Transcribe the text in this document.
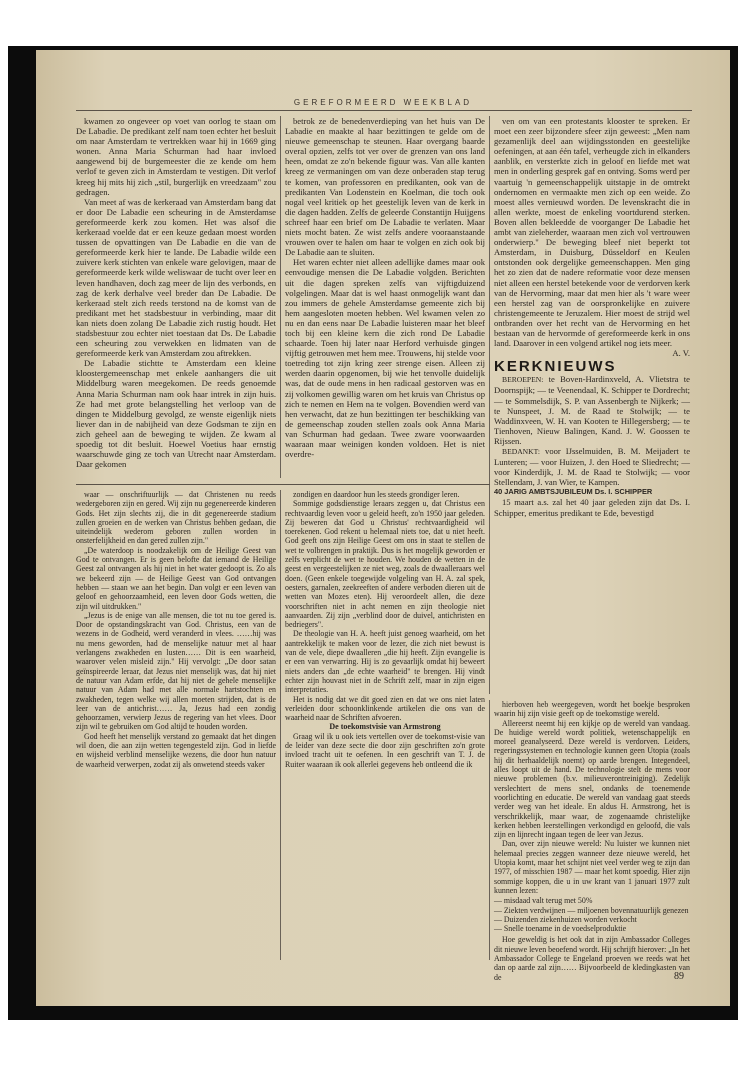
GEREFORMEERD WEEKBLAD

kwamen zo ongeveer op voet van oorlog te staan om De Labadie. De predikant zelf nam toen echter het besluit om naar Amsterdam te vertrekken waar hij in 1669 ging wonen. Anna Maria Schurman had haar invloed aangewend bij de burgemeester die ze kende om hem verlof te geven zich in Amsterdam te vestigen. Dit verlof kreeg hij mits hij zich „stil, burgerlijk en vreedzaam" zou gedragen.

Van meet af was de kerkeraad van Amsterdam bang dat er door De Labadie een scheuring in de Amsterdamse gereformeerde kerk zou komen. Het was alsof die kerkeraad voelde dat er een keuze gedaan moest worden tussen de opvattingen van De Labadie en die van de gereformeerde kerk hier te lande. De Labadie wilde een zuivere kerk stichten van enkele ware gelovigen, maar de gereformeerde kerk wilde weliswaar de tucht over leer en leven handhaven, doch zag meer de lijn des verbonds, en zag de kerk derhalve veel breder dan De Labadie. De kerkeraad stelt zich reeds terstond na de komst van de predikant met het stadsbestuur in verbinding, maar dit kan niets doen zolang De Labadie zich rustig houdt. Het stadsbestuur zou echter niet toestaan dat Ds. De Labadie een scheuring zou verwekken en lidmaten van de gereformeerde kerk van Amsterdam zou aftrekken.

De Labadie stichtte te Amsterdam een kleine kloostergemeenschap met enkele aanhangers die uit Middelburg waren meegekomen. De reeds genoemde Anna Maria Schurman nam ook haar intrek in zijn huis. Ze had met grote belangstelling het verloop van de dingen te Middelburg gevolgd, ze wenste eigenlijk niets liever dan in de nabijheid van deze Godsman te zijn en zich geheel aan de beweging te wijden. Ze kwam al spoedig tot dit besluit. Hoewel Voetius haar ernstig waarschuwde ging ze toch van Utrecht naar Amsterdam. Daar gekomen

betrok ze de benedenverdieping van het huis van De Labadie en maakte al haar bezittingen te gelde om de nieuwe gemeenschap te steunen. Haar overgang baarde overal opzien, zelfs tot ver over de grenzen van ons land heen, omdat ze zo'n bekende figuur was. Van alle kanten kreeg ze vermaningen om van deze onberaden stap terug te komen, van professoren en predikanten, ook van de predikanten Van Lodenstein en Koelman, die toch ook nogal veel kritiek op het geestelijk leven van de kerk in die dagen hadden. Zelfs de geleerde Constantijn Huijgens schreef haar een brief om De Labadie te verlaten. Maar niets mocht baten. Ze wist zelfs andere vooraanstaande vrouwen over te halen om haar te volgen en zich ook bij De Labadie aan te sluiten.

Het waren echter niet alleen adellijke dames maar ook eenvoudige mensen die De Labadie volgden. Berichten uit die dagen spreken zelfs van vijftigduizend volgelingen. Maar dat is wel haast onmogelijk want dan zou immers de gehele Amsterdamse gemeente zich bij hem aangesloten moeten hebben. Wel kwamen velen zo nu en dan eens naar De Labadie luisteren maar het bleef toch bij een kleine kern die zich rond De Labadie schaarde. Toen hij later naar Herford verhuisde gingen vijftig getrouwen met hem mee. Trouwens, hij stelde voor toetreding tot zijn kring zeer strenge eisen. Alleen zij werden daarin opgenomen, bij wie het tenvolle duidelijk was, dat de oude mens in hen radicaal gestorven was en zij volkomen gewillig waren om het kruis van Christus op zich te nemen en Hem na te volgen. Bovendien werd van hen verwacht, dat ze hun bezittingen ter beschikking van de gemeenschap zouden stellen zoals ook Anna Maria van Schurman had gedaan. Twee zware voorwaarden waaraan maar weinigen konden voldoen. Het is niet overdre-

ven om van een protestants klooster te spreken. Er moet een zeer bijzondere sfeer zijn geweest: „Men nam gezamenlijk deel aan wijdingsstonden en geestelijke oefeningen, at aan één tafel, verheugde zich in elkanders aanblik, en versterkte zich in geloof en liefde met wat men in onderling gesprek gaf en ontving. Soms werd per vaartuig 'n gemeenschappelijk uitstapje in de omtrekt ondernomen en vermaakte men zich op een weide. Zo moest alles vernieuwd worden. De levenskracht die in allen werkte, moest de enkeling voortdurend sterken. Boven allen bekleedde de voorganger De Labadie het ambt van zieleherder, waaraan men zich vol vertrouwen onderwierp." De beweging bleef niet beperkt tot Amsterdam, in Duisburg, Düsseldorf en Keulen ontstonden ook dergelijke gemeenschappen. Men ging het zo zien dat de nadere reformatie voor deze mensen niet alleen een herstel betekende voor de verdorven kerk van de Hervorming, maar dat men hier als 't ware weer een herstel zag van de oorspronkelijke en zuivere christengemeente te Jeruzalem. Hier moest de strijd wel ontbranden over het recht van de Hervorming en het bestaan van de hervormde of gereformeerde kerk in ons land. Daarover in een volgend artikel nog iets meer.

A. V.

KERKNIEUWS

BEROEPEN: te Boven-Hardinxveld, A. Vlietstra te Doornspijk; — te Veenendaal, K. Schipper te Dordrecht; — te Sommelsdijk, S. P. van Assenbergh te Nijkerk; — te Nunspeet, J. M. de Raad te Stolwijk; — te Waddinxveen, W. H. van Kooten te Hillegersberg; — te Tienhoven, Nieuw Balingen, Kand. J. W. Goossen te Rijssen.

BEDANKT: voor IJsselmuiden, B. M. Meijadert te Lunteren; — voor Huizen, J. den Hoed te Sliedrecht; — voor Kinderdijk, J. M. de Raad te Stolwijk; — voor Stellendam, J. van Wier, te Kampen.

40 JARIG AMBTSJUBILEUM Ds. I. SCHIPPER

15 maart a.s. zal het 40 jaar geleden zijn dat Ds. I. Schipper, emeritus predikant te Ede, bevestigd

waar — onschriftuurlijk — dat Christenen nu reeds wedergeboren zijn en gered. Wij zijn nu gegenereerde kinderen Gods. Het zijn slechts zij, die in dit gegenereerde stadium zullen groeien en de werken van Christus behben gedaan, die uiteindelijk wederom geboren zullen worden in onsterfelijkheid en dan gered zullen zijn."

„De waterdoop is noodzakelijk om de Heilige Geest van God te ontvangen. Er is geen belofte dat iemand de Heilige Geest zal ontvangen als hij niet in het water gedoopt is. Zo als we bekeerd zijn — de Heilige Geest van God ontvangen hebben — staan we aan het begin. Dan volgt er een leven van geloof en gehoorzaamheid, een leven door Gods wetten, die zijn wil uitdrukken."

„Jezus is de enige van alle mensen, die tot nu toe gered is. Door de opstandingskracht van God. Christus, een van de wezens in de Godheid, werd veranderd in vlees. ……hij was nu mens geworden, had de menselijke natuur met al haar verlangens zwakheden en lusten…… Dit is een waarheid, waarover velen misleid zijn." Hij vervolgt: „De door satan geïnspireerde leraar, dat Jezus niet menselijk was, dat hij niet de natuur van Adam erfde, dat hij niet de gehele menselijke natuur van Adam had met alle normale hartstochten en zwakheden, tegen welke wij allen moeten strijden, dat is de leer van de antichrist…… Ja, Jezus had een zondig gehoorzamen, verwierp Jezus de regering van het vlees. Door zijn wil te gebruiken om God altijd te houden worden.

God heeft het menselijk verstand zo gemaakt dat het dingen wil doen, die aan zijn wetten tegengesteld zijn. God in liefde en wijsheid verblind menselijke wezens, die door hun natuur de waarheid verwerpen, zodat zij als onwetend steeds vaker

zondigen en daardoor hun les steeds grondiger leren.

Sommige godsdienstige leraars zeggen u, dat Christus een rechtvaardig leven voor u geleid heeft, zo'n 1950 jaar geleden. Zij beweren dat God u Christus' rechtvaardigheid wil toerekenen. God rekent u helemaal niets toe, dat u niet heeft. God geeft ons zijn Heilige Geest om ons in staat te stellen de wet te volbrengen in praktijk. Dus is het mogelijk geworden er zelfs verplicht de wet te houden. We houden de wetten in de geest en vergeestelijken ze niet weg, zoals de dwaalleraars wel doen. (Geen enkele toegewijde volgeling van H. A. zal spek, oesters, garnalen, zeekreeften of andere verboden dieren uit de wetten van Mozes eten). Hij veroordeelt allen, die deze voorschriften niet in acht nemen en zijn theologie niet aanvaarden. Zij zijn „verblind door de duivel, antichristen en bedriegers".

De theologie van H. A. heeft juist genoeg waarheid, om het aantrekkelijk te maken voor de lezer, die zich niet bewust is van de vele, diepe dwaalleren „die hij heeft. Zijn evangelie is er een van verwarring. Hij is zo gevaarlijk omdat hij beweert niets anders dan „de echte waarheid" te brengen. Hij vindt echter zijn houvast niet in de Schrift zelf, maar in zijn eigen interpretaties.

Het is nodig dat we dit goed zien en dat we ons niet laten verleiden door schoonklinkende artikelen die ons van de waarheid naar de Schriften afvoeren.

De toekomstvisie van Armstrong

Graag wil ik u ook iets vertellen over de toekomst-visie van de leider van deze secte die door zijn geschriften zo'n grote invloed tracht uit te oefenen. In een geschrift van T. J. de Ruiter waaraan ik ook allerlei gegevens heb ontleend die ik

hierboven heb weergegeven, wordt het boekje besproken waarin hij zijn visie geeft op de toekomstige wereld.

Allereerst neemt hij een kijkje op de wereld van vandaag. De huidige wereld wordt politiek, wetenschappelijk en moreel geanalyseerd. Deze wereld is verdorven. Leiders, regeringssystemen en technologie kunnen geen Utopia (zoals hij dit herhaaldelijk noemt) op aarde brengen. Integendeel, alles loopt uit de hand. De technologie stelt de mens voor nieuwe problemen (b.v. milieuverontreiniging). Zedelijk verslechtert de mens snel, ondanks de toenemende voorlichting en educatie. De wereld van vandaag gaat steeds verder weg van het ideale. En aldus H. Armstrong, het is verschrikkelijk, maar waar, de zogenaamde christelijke kerken hebben leerstellingen verkondigd en geloofd, die vals zijn en lijnrecht ingaan tegen de leer van Jezus.

Dan, over zijn nieuwe wereld: Nu luister we kunnen niet helemaal precies zeggen wanneer deze nieuwe wereld, het Utopia komt, maar het schijnt niet veel verder weg te zijn dan 1977, of misschien 1987 — maar het komt spoedig. Hier zijn sommige koppen, die u in uw krant van 1 januari 1977 zult kunnen lezen:

— misdaad valt terug met 50%
— Ziekten verdwijnen — miljoenen bovennatuurlijk genezen
— Duizenden ziekenhuizen worden verkocht
— Snelle toename in de voedselproduktie

Hoe geweldig is het ook dat in zijn Ambassador Colleges dit nieuwe leven beoefend wordt. Hij schrijft hierover: „In het Ambassador College te Engeland proeven we reeds wat het dan op aarde zal zijn…… Bijvoorbeeld de kledingkasten van de	89
